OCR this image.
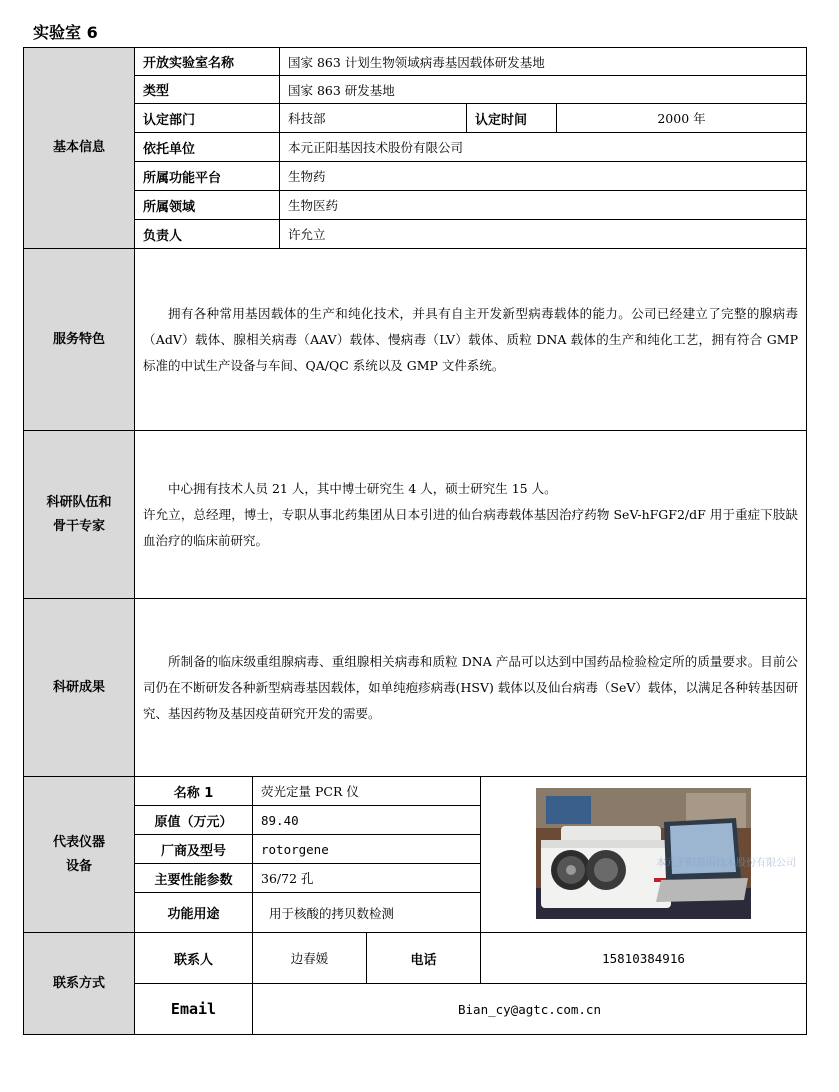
实验室 6
基本信息
开放实验室名称	国家 863 计划生物领域病毒基因载体研发基地
类型	国家 863 研发基地
认定部门	科技部	认定时间	2000 年
依托单位	本元正阳基因技术股份有限公司
所属功能平台	生物药
所属领域	生物医药
负责人	许允立
服务特色

拥有各种常用基因载体的生产和纯化技术，并具有自主开发新型病毒载体的能力。公司已经建立了完整的腺病毒（AdV）载体、腺相关病毒（AAV）载体、慢病毒（LV）载体、质粒 DNA 载体的生产和纯化工艺，拥有符合 GMP 标准的中试生产设备与车间、QA/QC 系统以及 GMP 文件系统。

科研队伍和
骨干专家

中心拥有技术人员 21 人，其中博士研究生 4 人，硕士研究生 15 人。

许允立，总经理，博士，专职从事北药集团从日本引进的仙台病毒载体基因治疗药物 SeV-hFGF2/dF 用于重症下肢缺血治疗的临床前研究。

科研成果

所制备的临床级重组腺病毒、重组腺相关病毒和质粒 DNA 产品可以达到中国药品检验检定所的质量要求。目前公司仍在不断研发各种新型病毒基因载体，如单纯疱疹病毒(HSV) 载体以及仙台病毒（SeV）载体，以满足各种转基因研究、基因药物及基因疫苗研究开发的需要。

代表仪器
设备
名称 1	荧光定量 PCR 仪
原值（万元）	89.40
厂商及型号	rotorgene
主要性能参数	36/72 孔
功能用途	用于核酸的拷贝数检测
本元正阳基因技术股份有限公司
联系方式
联系人	边春媛	电话	15810384916
Email	Bian_cy@agtc.com.cn
